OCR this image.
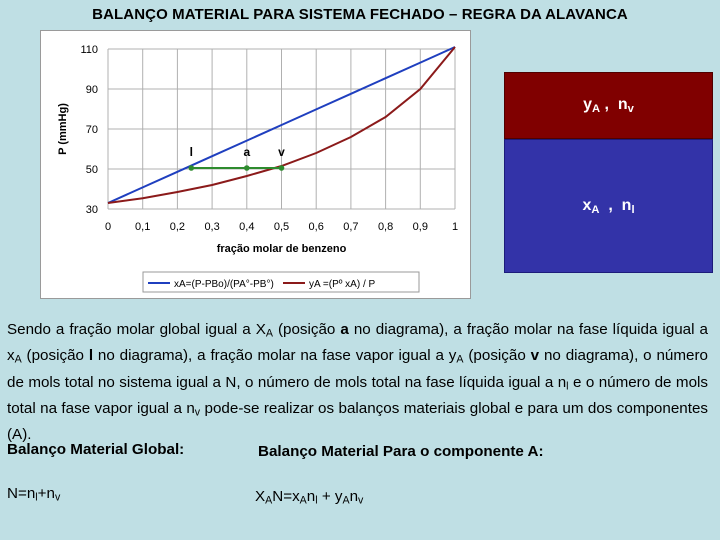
BALANÇO MATERIAL PARA SISTEMA FECHADO – REGRA DA ALAVANCA
0 0,1 0,2 0,3 0,4 0,5 0,6 0,7 0,8 0,9 1
110
90
70
50
30
fração molar de benzeno
P (mmHg)	l	a v
xA=(P-PBo)/(PA°-PB°)	yA =(Pº xA) / P
$y_A$ ,  $n_v$
$x_A$  ,  $n_l$
Sendo a fração molar global igual a $X_A$ (posição a no diagrama), a fração molar na fase líquida igual a $x_A$ (posição l no diagrama), a fração molar na fase vapor igual a $y_A$ (posição v no diagrama), o número de mols total no sistema igual a N, o número de mols total na fase líquida igual a $n_l$ e o número de mols total na fase vapor igual a $n_v$ pode-se realizar os balanços materiais global e para um dos componentes (A).
Balanço Material Global:	Balanço Material Para o componente A:
$N=n_l+n_v$	$X_AN=x_An_l + y_An_v$
